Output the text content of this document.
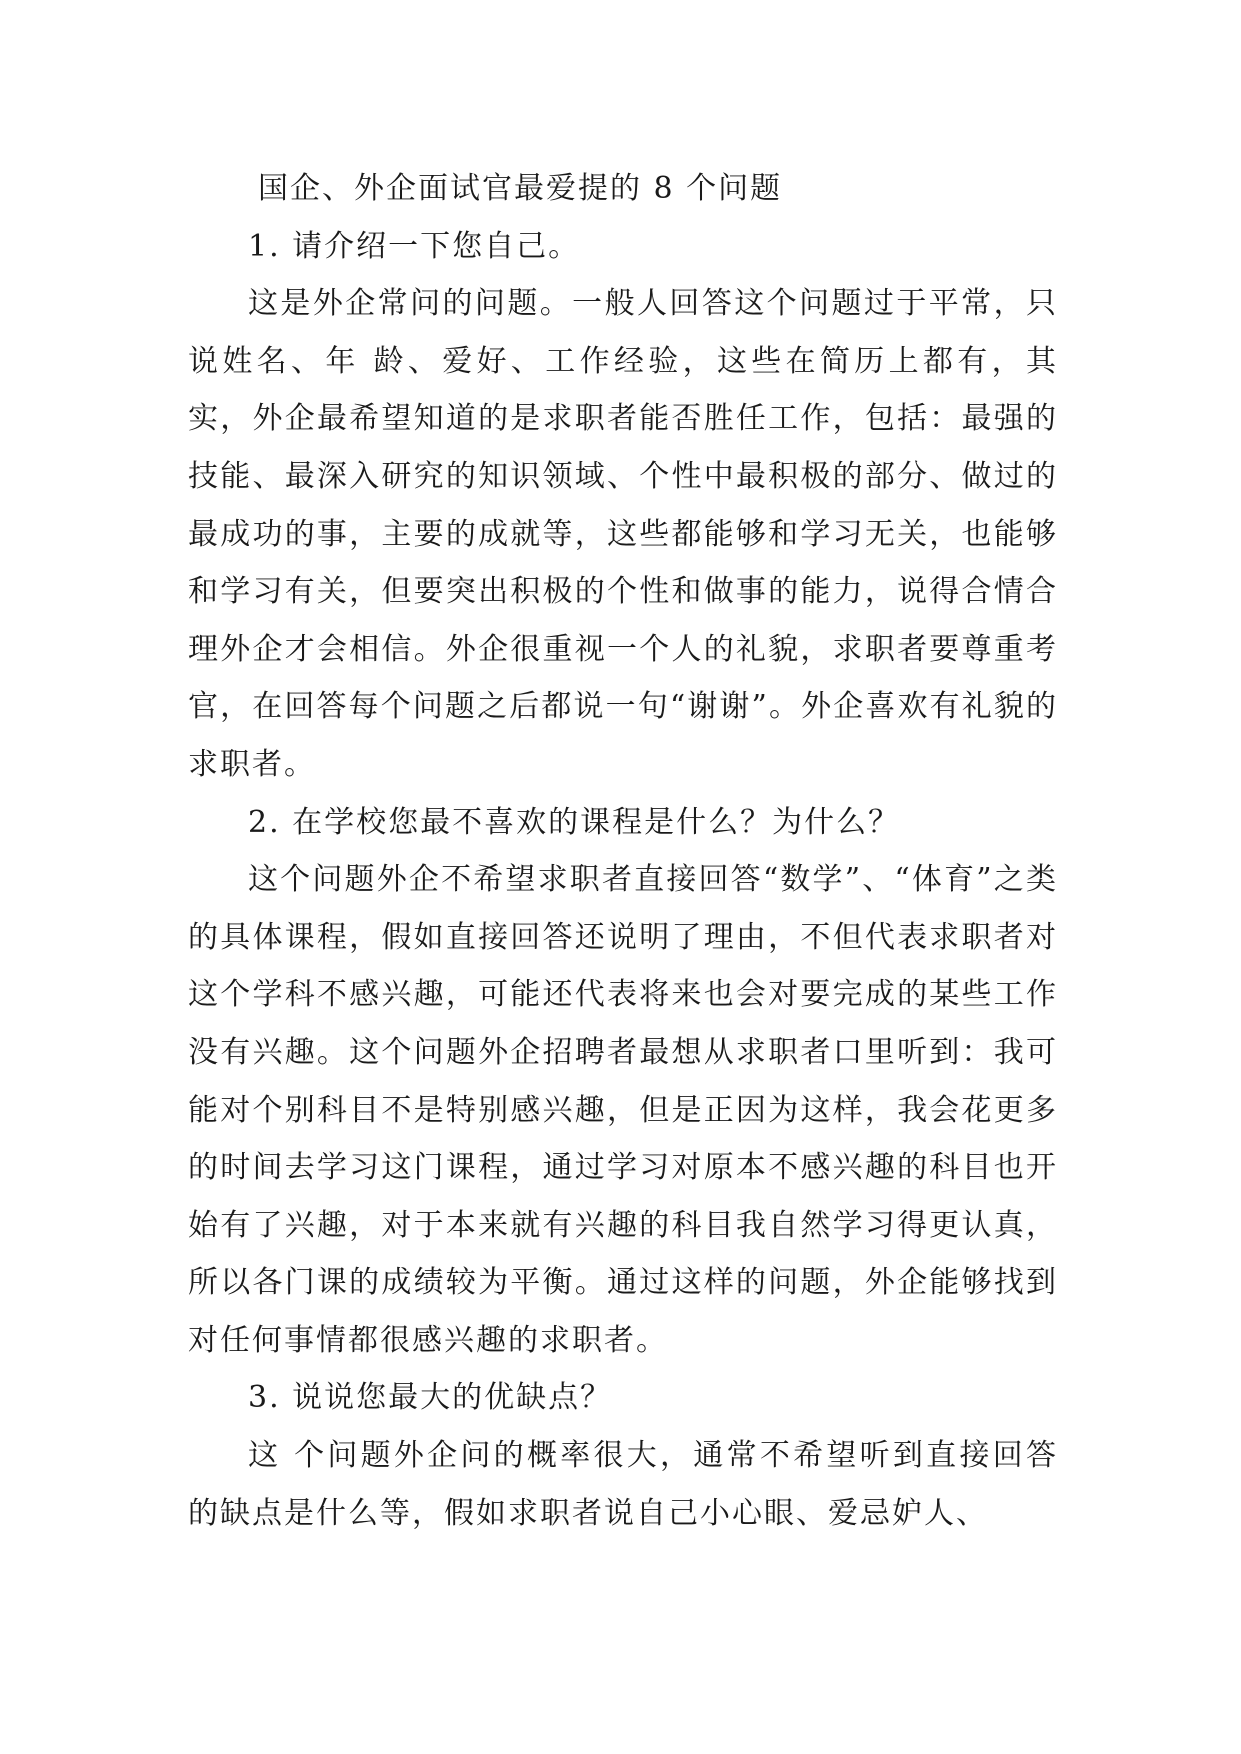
国企、外企面试官最爱提的 8 个问题

1. 请介绍一下您自己。

这是外企常问的问题。一般人回答这个问题过于平常，只说姓名、年 龄、爱好、工作经验，这些在简历上都有，其实，外企最希望知道的是求职者能否胜任工作，包括：最强的技能、最深入研究的知识领域、个性中最积极的部分、做过的最成功的事，主要的成就等，这些都能够和学习无关，也能够和学习有关，但要突出积极的个性和做事的能力，说得合情合理外企才会相信。外企很重视一个人的礼貌，求职者要尊重考官，在回答每个问题之后都说一句“谢谢”。外企喜欢有礼貌的求职者。

2. 在学校您最不喜欢的课程是什么？为什么？

这个问题外企不希望求职者直接回答“数学”、“体育”之类的具体课程，假如直接回答还说明了理由，不但代表求职者对这个学科不感兴趣，可能还代表将来也会对要完成的某些工作没有兴趣。这个问题外企招聘者最想从求职者口里听到：我可能对个别科目不是特别感兴趣，但是正因为这样，我会花更多的时间去学习这门课程，通过学习对原本不感兴趣的科目也开始有了兴趣，对于本来就有兴趣的科目我自然学习得更认真，所以各门课的成绩较为平衡。通过这样的问题，外企能够找到对任何事情都很感兴趣的求职者。

3. 说说您最大的优缺点？

这 个问题外企问的概率很大，通常不希望听到直接回答的缺点是什么等，假如求职者说自己小心眼、爱忌妒人、
